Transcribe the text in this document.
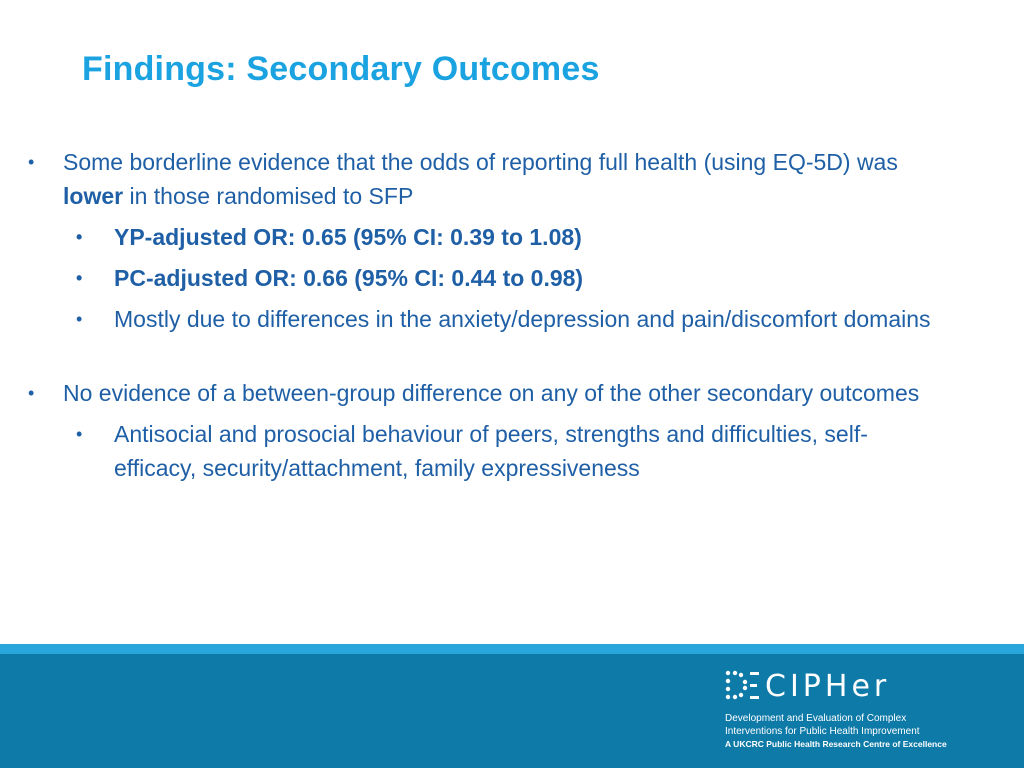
Findings: Secondary Outcomes
• Some borderline evidence that the odds of reporting full health (using EQ-5D) was lower in those randomised to SFP
• YP-adjusted OR: 0.65 (95% CI: 0.39 to 1.08)
• PC-adjusted OR: 0.66 (95% CI: 0.44 to 0.98)
• Mostly due to differences in the anxiety/depression and pain/discomfort domains
• No evidence of a between-group difference on any of the other secondary outcomes
• Antisocial and prosocial behaviour of peers, strengths and difficulties, self-efficacy, security/attachment, family expressiveness
CIPHer
Development and Evaluation of Complex
Interventions for Public Health Improvement
A UKCRC Public Health Research Centre of Excellence
